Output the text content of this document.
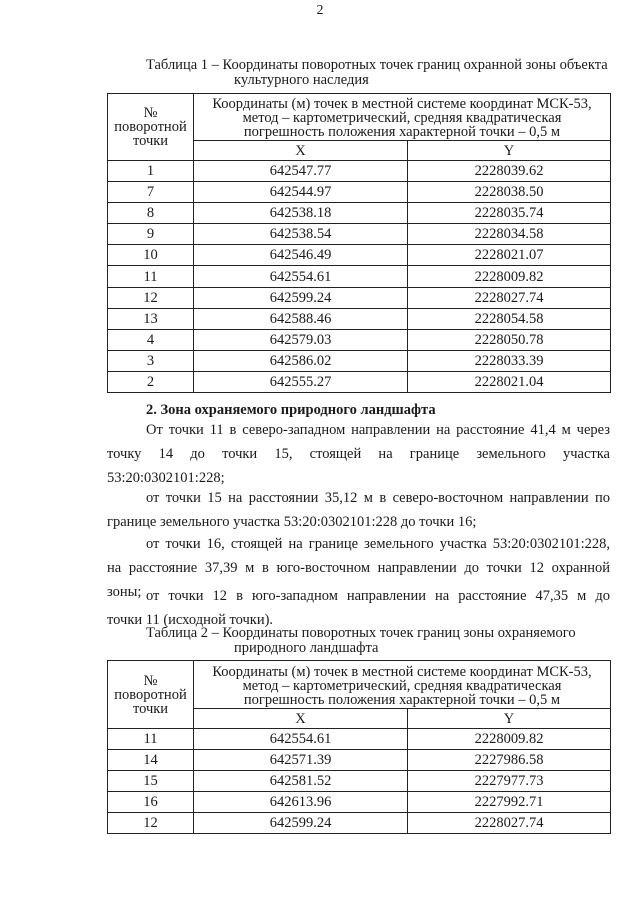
2
Таблица 1 – Координаты поворотных точек границ охранной зоны объекта
культурного наследия
№
поворотной
точки	Координаты (м) точек в местной системе координат МСК-53,
метод – картометрический, средняя квадратическая
погрешность положения характерной точки – 0,5 м	
	X	Y
1	642547.77	2228039.62
7	642544.97	2228038.50
8	642538.18	2228035.74
9	642538.54	2228034.58
10	642546.49	2228021.07
11	642554.61	2228009.82
12	642599.24	2228027.74
13	642588.46	2228054.58
4	642579.03	2228050.78
3	642586.02	2228033.39
2	642555.27	2228021.04
2. Зона охраняемого природного ландшафта
От точки 11 в северо-западном направлении на расстояние 41,4 м через
точку 14 до точки 15, стоящей на границе земельного участка
53:20:0302101:228;
от точки 15 на расстоянии 35,12 м в северо-восточном направлении по
границе земельного участка 53:20:0302101:228 до точки 16;
от точки 16, стоящей на границе земельного участка 53:20:0302101:228,
на расстояние 37,39 м в юго-восточном направлении до точки 12 охранной
зоны; от точки 12 в юго-западном направлении на расстояние 47,35 м до
точки 11 (исходной точки).
Таблица 2 – Координаты поворотных точек границ зоны охраняемого
природного ландшафта
№
поворотной
точки	Координаты (м) точек в местной системе координат МСК-53,
метод – картометрический, средняя квадратическая
погрешность положения характерной точки – 0,5 м	
	X	Y
11	642554.61	2228009.82
14	642571.39	2227986.58
15	642581.52	2227977.73
16	642613.96	2227992.71
12	642599.24	2228027.74
